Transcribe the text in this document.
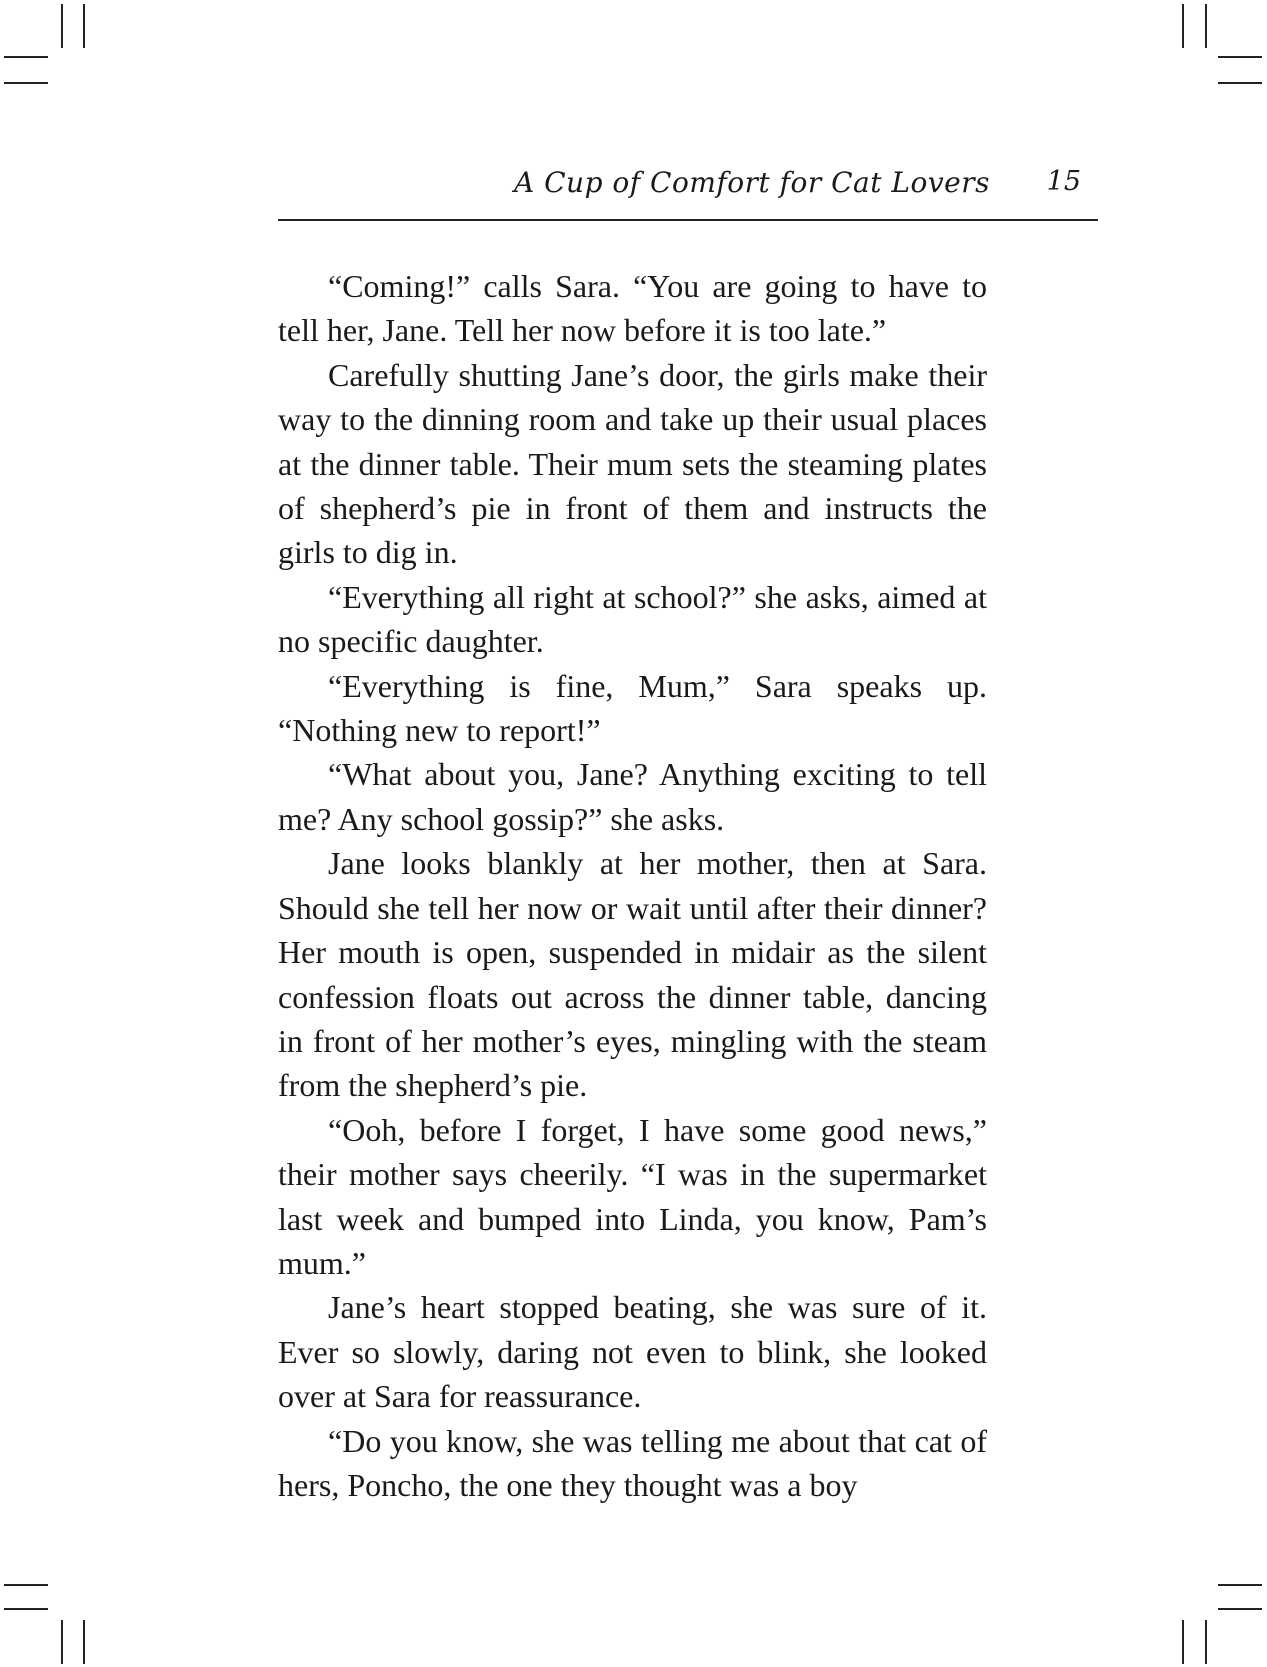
A Cup of Comfort for Cat Lovers 15

“Coming!” calls Sara. “You are going to have to tell her, Jane. Tell her now before it is too late.”

Carefully shutting Jane’s door, the girls make their way to the dinning room and take up their usual places at the dinner table. Their mum sets the steaming plates of shepherd’s pie in front of them and instructs the girls to dig in.

“Everything all right at school?” she asks, aimed at no specific daughter.

“Everything is fine, Mum,” Sara speaks up. “Nothing new to report!”

“What about you, Jane? Anything exciting to tell me? Any school gossip?” she asks.

Jane looks blankly at her mother, then at Sara. Should she tell her now or wait until after their dinner? Her mouth is open, suspended in midair as the silent confession floats out across the dinner table, dancing in front of her mother’s eyes, mingling with the steam from the shepherd’s pie.

“Ooh, before I forget, I have some good news,” their mother says cheerily. “I was in the supermarket last week and bumped into Linda, you know, Pam’s mum.”

Jane’s heart stopped beating, she was sure of it. Ever so slowly, daring not even to blink, she looked over at Sara for reassurance.

“Do you know, she was telling me about that cat of hers, Poncho, the one they thought was a boy
